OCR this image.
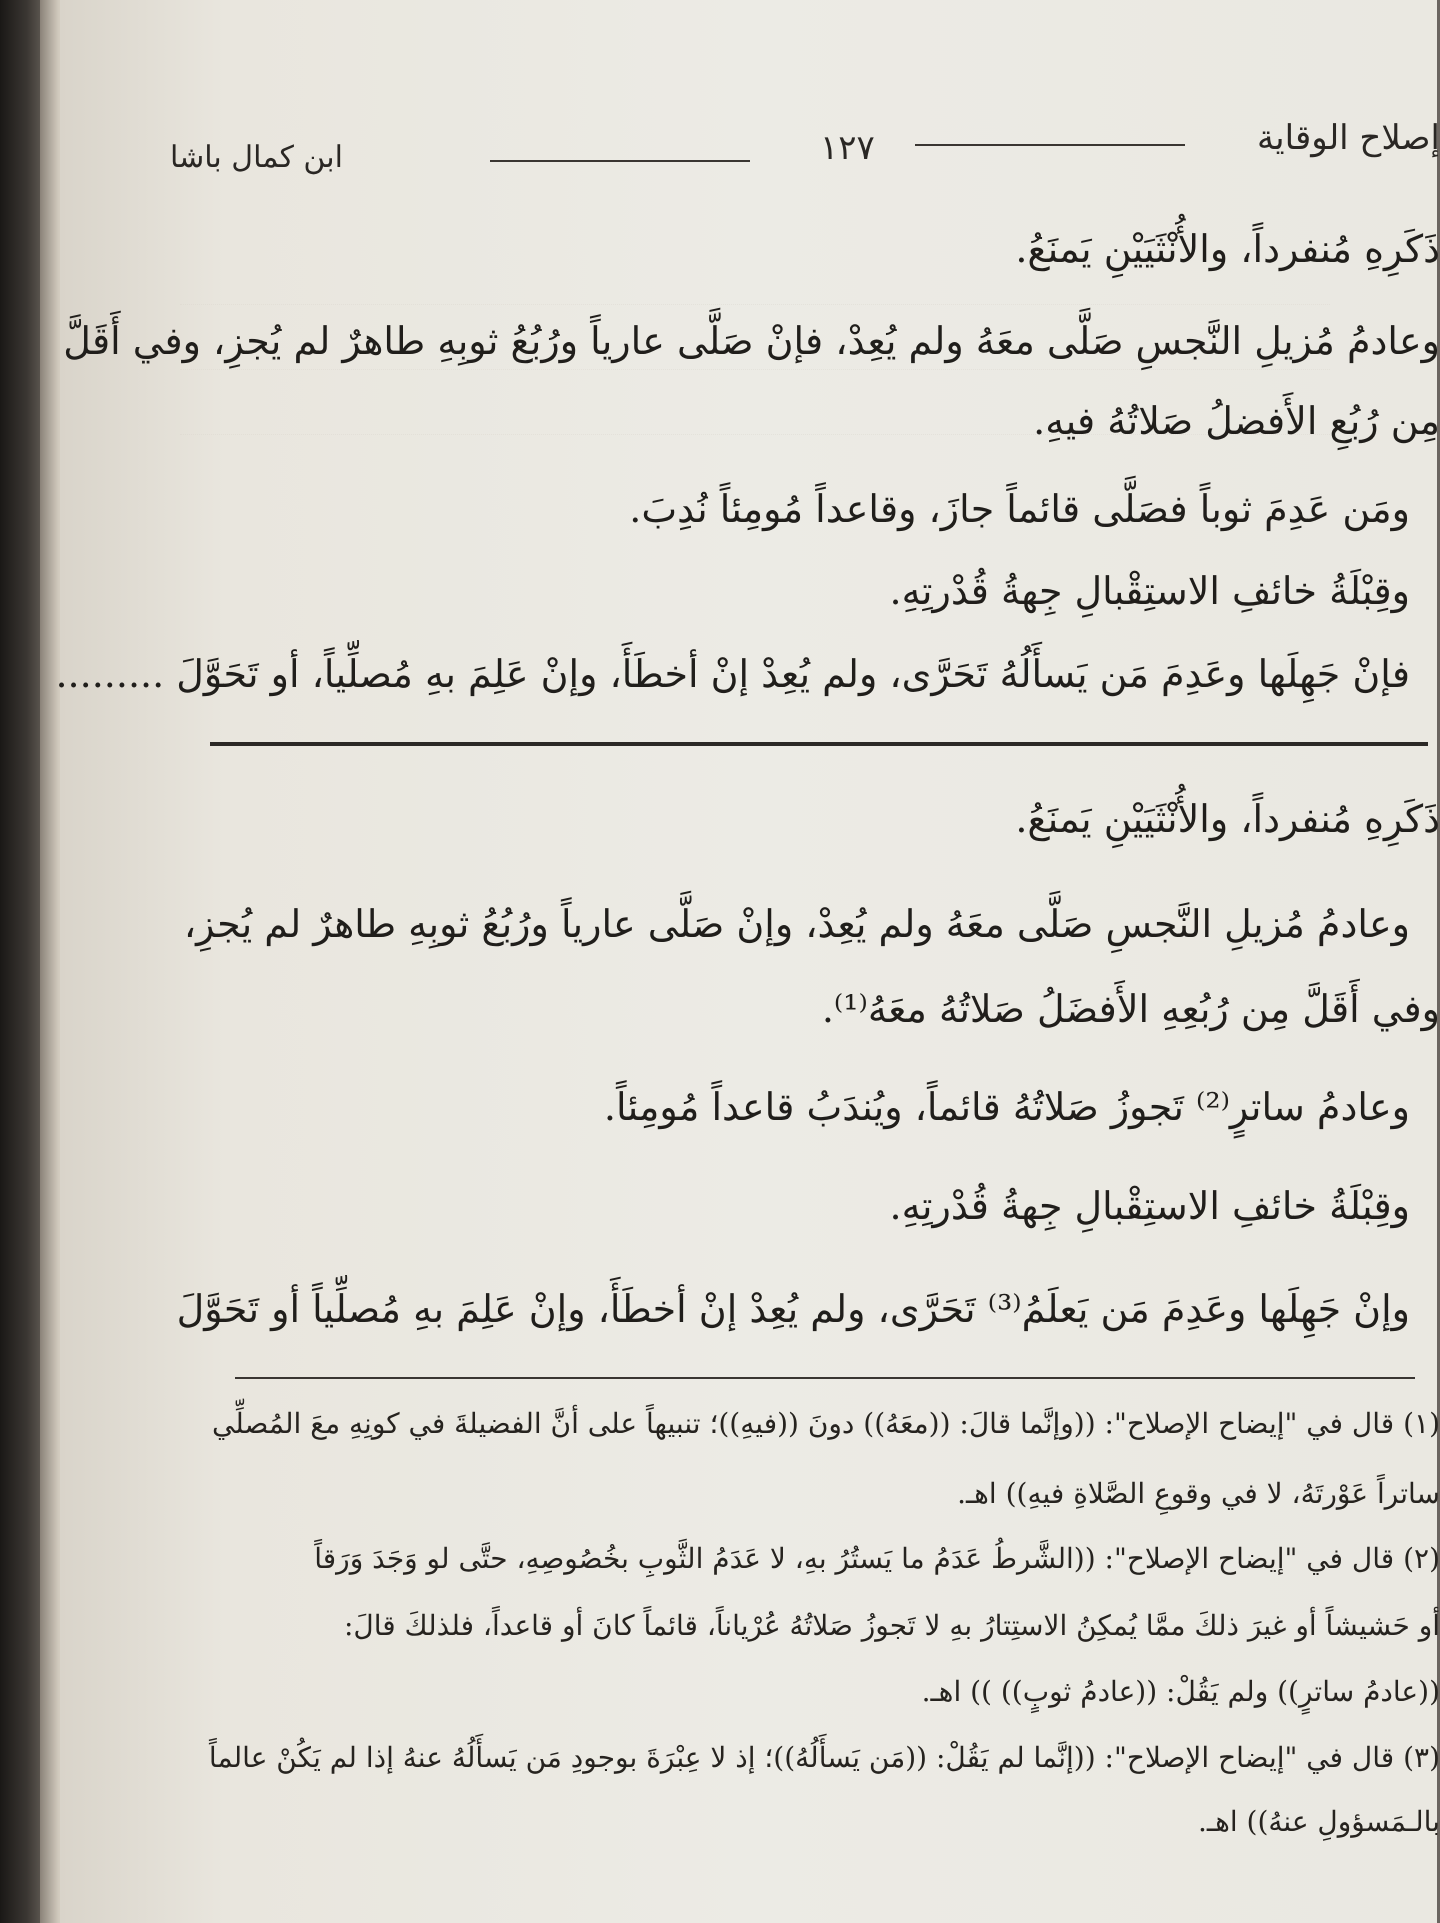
إصلاح الوقاية
١٢٧
ابن كمال باشا
ذَكَرِهِ مُنفرداً، والأُنْثَيَيْنِ يَمنَعُ.
وعادمُ مُزيلِ النَّجسِ صَلَّى معَهُ ولم يُعِدْ، فإنْ صَلَّى عارياً ورُبُعُ ثوبِهِ طاهرٌ لم يُجزِ، وفي أَقَلَّ
مِن رُبُعِ الأَفضلُ صَلاتُهُ فيهِ.
ومَن عَدِمَ ثوباً فصَلَّى قائماً جازَ، وقاعداً مُومِئاً نُدِبَ.
وقِبْلَةُ خائفِ الاستِقْبالِ جِهةُ قُدْرتِهِ.
فإنْ جَهِلَها وعَدِمَ مَن يَسأَلُهُ تَحَرَّى، ولم يُعِدْ إنْ أخطَأَ، وإنْ عَلِمَ بهِ مُصلِّياً، أو تَحَوَّلَ .........
ذَكَرِهِ مُنفرداً، والأُنْثَيَيْنِ يَمنَعُ.
وعادمُ مُزيلِ النَّجسِ صَلَّى معَهُ ولم يُعِدْ، وإنْ صَلَّى عارياً ورُبُعُ ثوبِهِ طاهرٌ لم يُجزِ،
وفي أَقَلَّ مِن رُبُعِهِ الأَفضَلُ صَلاتُهُ معَهُ⁽¹⁾.
وعادمُ ساترٍ⁽²⁾ تَجوزُ صَلاتُهُ قائماً، ويُندَبُ قاعداً مُومِئاً.
وقِبْلَةُ خائفِ الاستِقْبالِ جِهةُ قُدْرتِهِ.
وإنْ جَهِلَها وعَدِمَ مَن يَعلَمُ⁽³⁾ تَحَرَّى، ولم يُعِدْ إنْ أخطَأَ، وإنْ عَلِمَ بهِ مُصلِّياً أو تَحَوَّلَ
(١) قال في "إيضاح الإصلاح": ((وإنَّما قالَ: ((معَهُ)) دونَ ((فيهِ))؛ تنبيهاً على أنَّ الفضيلةَ في كونِهِ معَ المُصلِّي
ساتراً عَوْرتَهُ، لا في وقوعِ الصَّلاةِ فيهِ)) اهـ.
(٢) قال في "إيضاح الإصلاح": ((الشَّرطُ عَدَمُ ما يَستُرُ بهِ، لا عَدَمُ الثَّوبِ بخُصُوصِهِ، حتَّى لو وَجَدَ وَرَقاً
أو حَشيشاً أو غيرَ ذلكَ ممَّا يُمكِنُ الاستِتارُ بهِ لا تَجوزُ صَلاتُهُ عُرْياناً، قائماً كانَ أو قاعداً، فلذلكَ قالَ:
((عادمُ ساترٍ)) ولم يَقُلْ: ((عادمُ ثوبٍ)) )) اهـ.
(٣) قال في "إيضاح الإصلاح": ((إنَّما لم يَقُلْ: ((مَن يَسأَلُهُ))؛ إذ لا عِبْرَةَ بوجودِ مَن يَسأَلُهُ عنهُ إذا لم يَكُنْ عالماً
بالـمَسؤولِ عنهُ)) اهـ.
